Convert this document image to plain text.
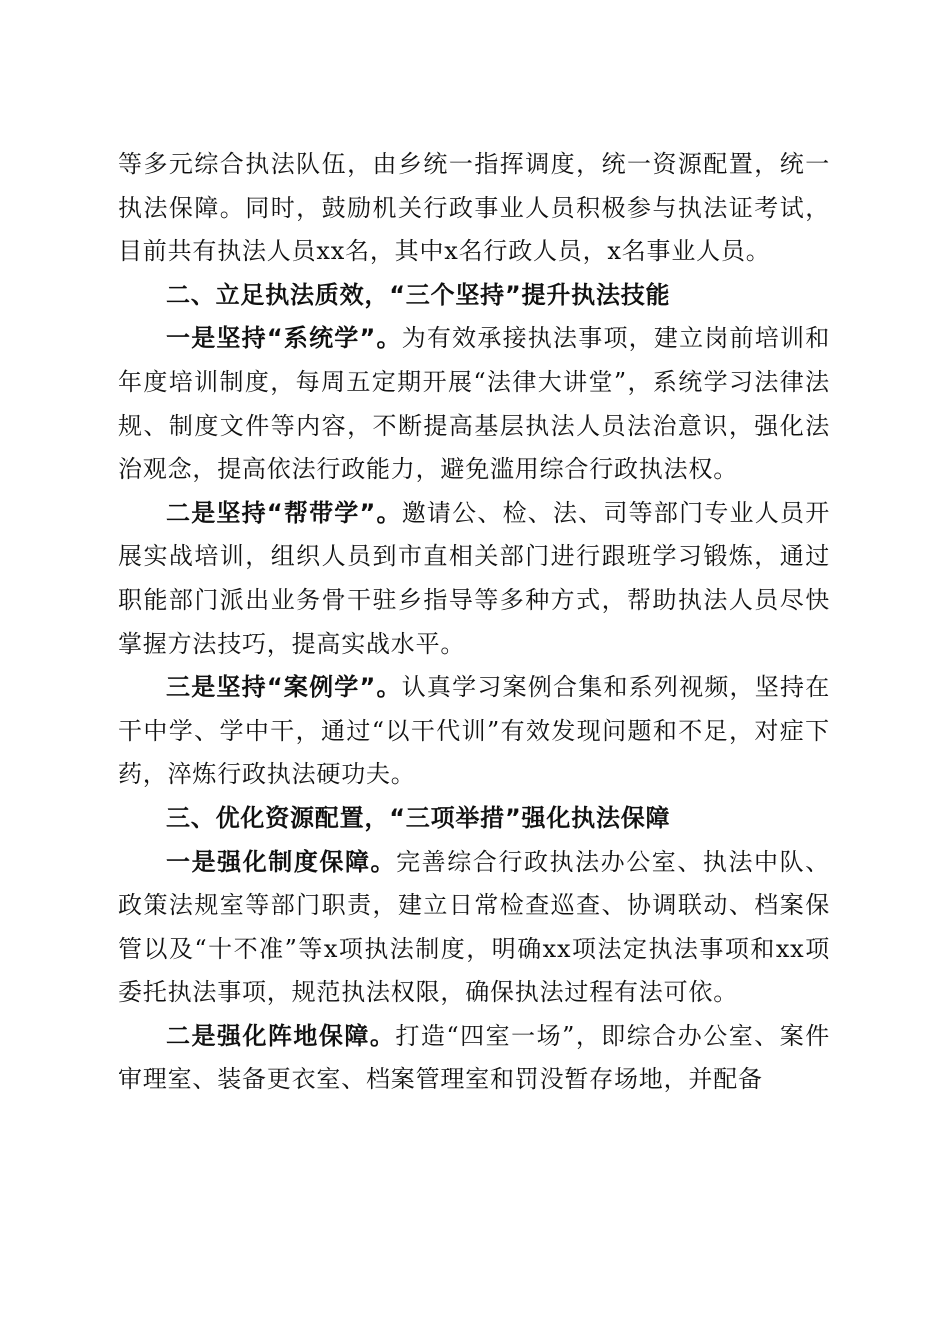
等多元综合执法队伍，由乡统一指挥调度，统一资源配置，统一执法保障。同时，鼓励机关行政事业人员积极参与执法证考试，目前共有执法人员xx名，其中x名行政人员，x名事业人员。

二、立足执法质效，“三个坚持”提升执法技能

一是坚持“系统学”。为有效承接执法事项，建立岗前培训和年度培训制度，每周五定期开展“法律大讲堂”，系统学习法律法规、制度文件等内容，不断提高基层执法人员法治意识，强化法治观念，提高依法行政能力，避免滥用综合行政执法权。

二是坚持“帮带学”。邀请公、检、法、司等部门专业人员开展实战培训，组织人员到市直相关部门进行跟班学习锻炼，通过职能部门派出业务骨干驻乡指导等多种方式，帮助执法人员尽快掌握方法技巧，提高实战水平。

三是坚持“案例学”。认真学习案例合集和系列视频，坚持在干中学、学中干，通过“以干代训”有效发现问题和不足，对症下药，淬炼行政执法硬功夫。

三、优化资源配置，“三项举措”强化执法保障

一是强化制度保障。完善综合行政执法办公室、执法中队、政策法规室等部门职责，建立日常检查巡查、协调联动、档案保管以及“十不准”等x项执法制度，明确xx项法定执法事项和xx项委托执法事项，规范执法权限，确保执法过程有法可依。

二是强化阵地保障。打造“四室一场”，即综合办公室、案件审理室、装备更衣室、档案管理室和罚没暂存场地，并配备
